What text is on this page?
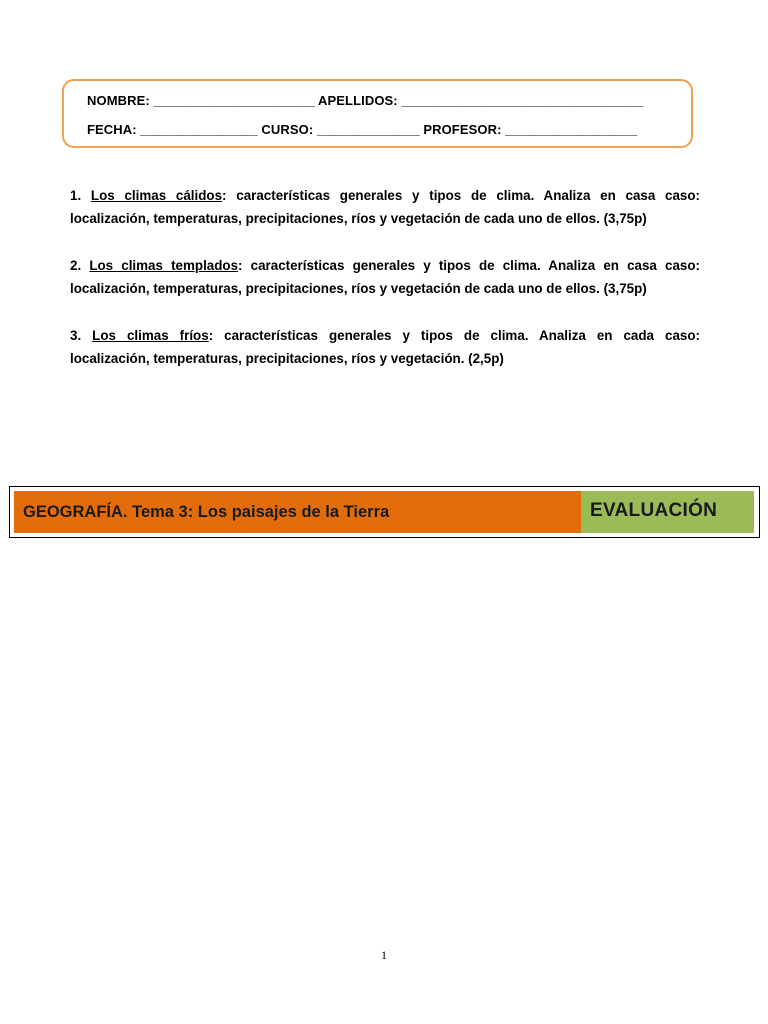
NOMBRE: ______________________ APELLIDOS: _________________________________
FECHA: ________________ CURSO: ______________ PROFESOR: __________________
1. Los climas cálidos: características generales y tipos de clima. Analiza en casa caso:
localización, temperaturas, precipitaciones, ríos y vegetación de cada uno de ellos. (3,75p)
2. Los climas templados: características generales y tipos de clima. Analiza en casa caso:
localización, temperaturas, precipitaciones, ríos y vegetación de cada uno de ellos. (3,75p)
3. Los climas fríos: características generales y tipos de clima. Analiza en cada caso:
localización, temperaturas, precipitaciones, ríos y vegetación. (2,5p)
GEOGRAFÍA. Tema 3: Los paisajes de la Tierra	EVALUACIÓN
1
